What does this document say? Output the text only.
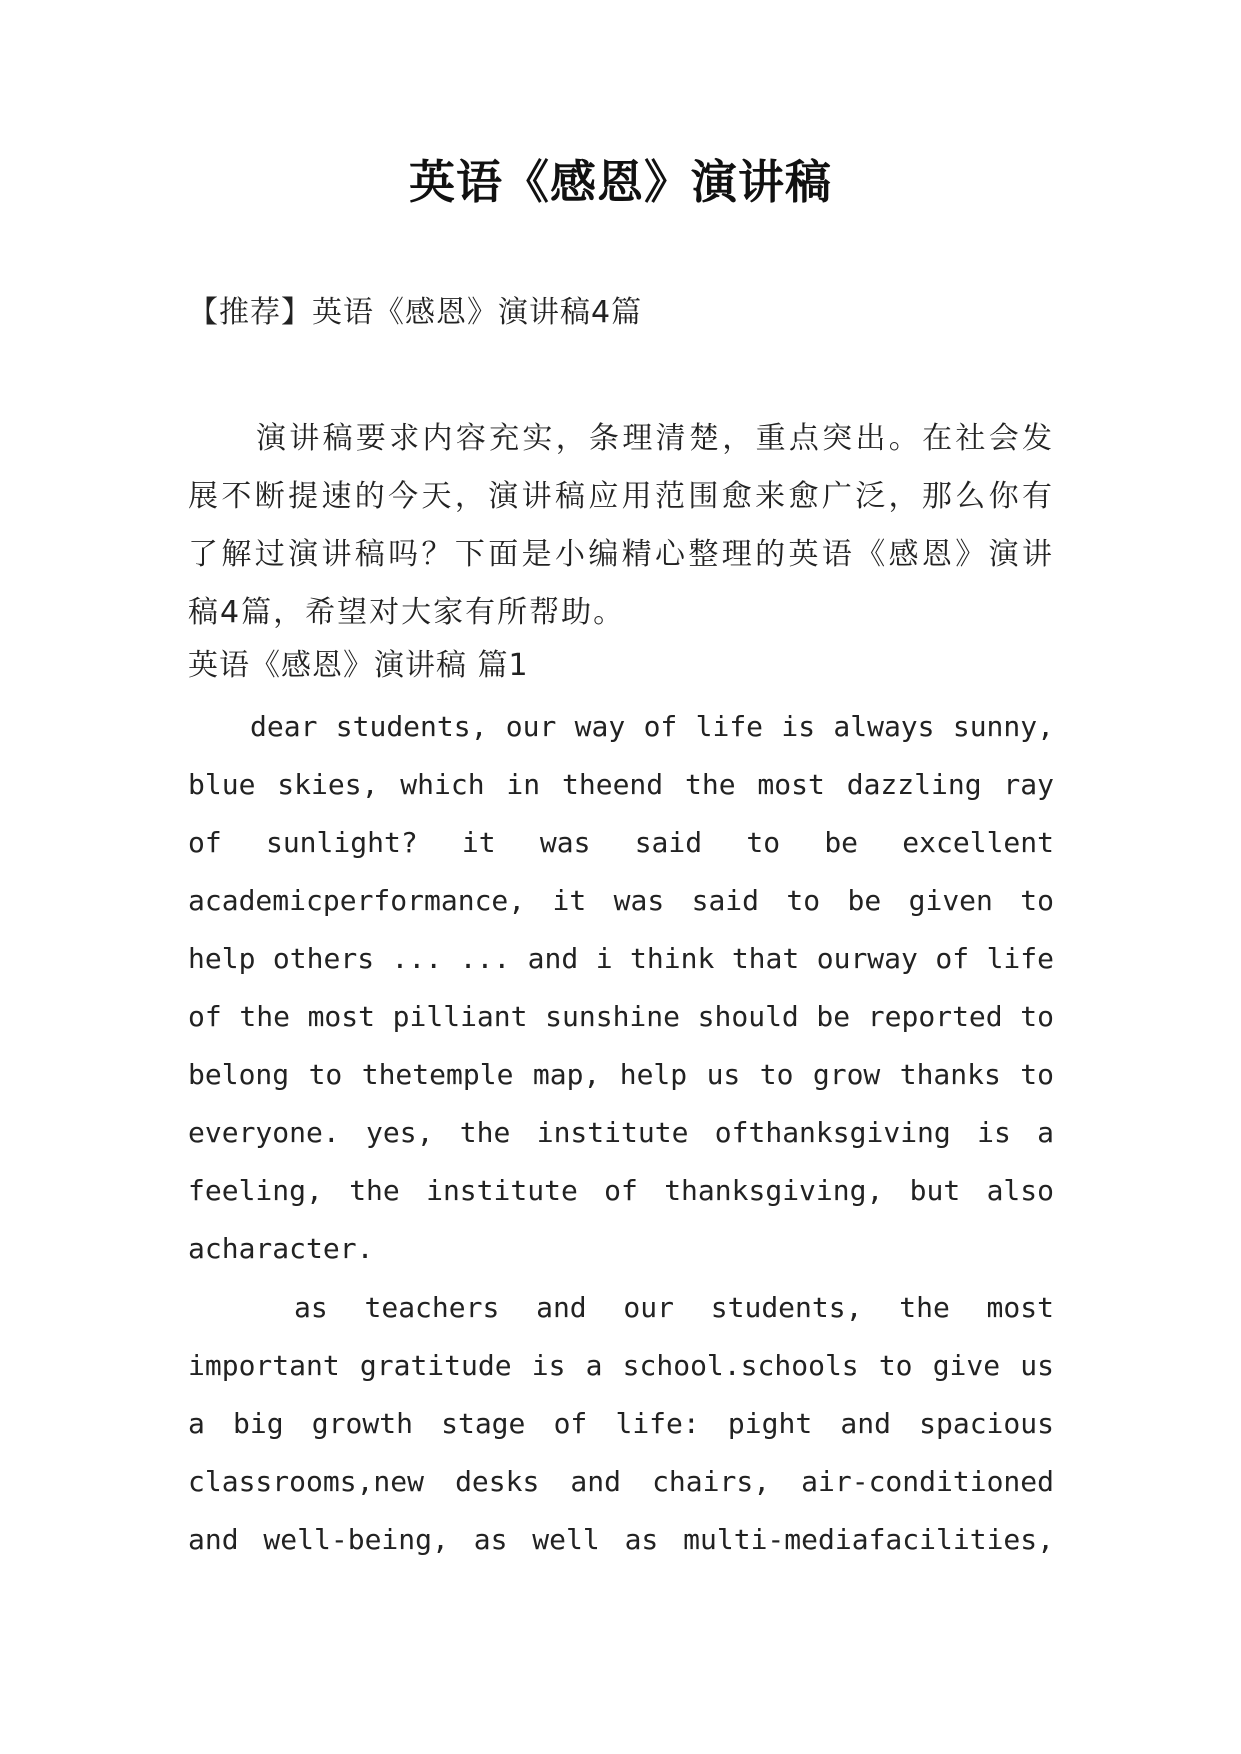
英语《感恩》演讲稿
【推荐】英语《感恩》演讲稿4篇
演讲稿要求内容充实，条理清楚，重点突出。在社会发
展不断提速的今天，演讲稿应用范围愈来愈广泛，那么你有
了解过演讲稿吗？下面是小编精心整理的英语《感恩》演讲
稿4篇，希望对大家有所帮助。
英语《感恩》演讲稿 篇1
dear students, our way of life is always sunny,
blue skies, which in theend the most dazzling ray
of sunlight? it was said to be excellent
academicperformance, it was said to be given to
help others ... ... and i think that ourway of life
of the most pilliant sunshine should be reported to
belong to thetemple map, help us to grow thanks to
everyone. yes, the institute ofthanksgiving is a
feeling, the institute of thanksgiving, but also
acharacter.
as teachers and our students, the most
important gratitude is a school.schools to give us
a big growth stage of life: pight and spacious
classrooms,new desks and chairs, air-conditioned
and well-being, as well as multi-mediafacilities,
